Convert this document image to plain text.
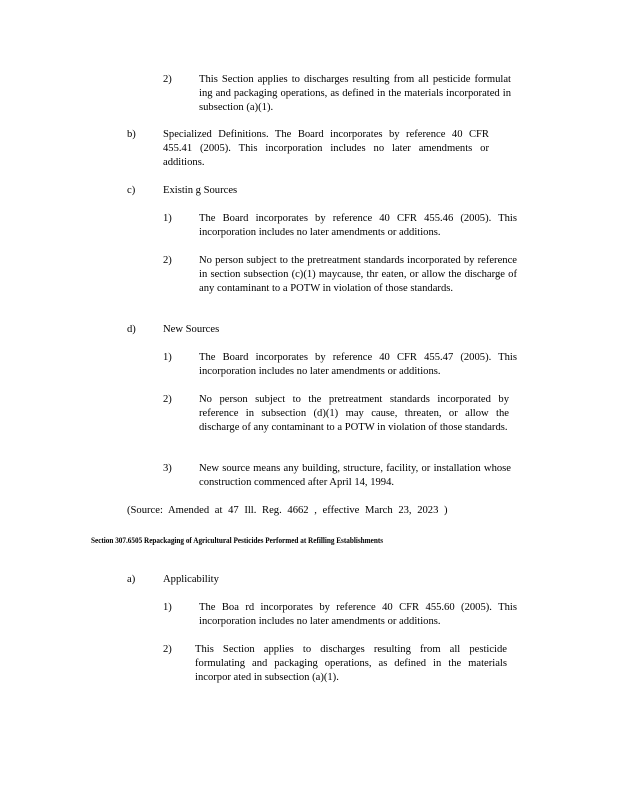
2)	This Section applies to discharges resulting from all pesticide formulat ing and packaging operations, as defined in the materials incorporated in subsection (a)(1).

b)	Specialized Definitions. The Board incorporates by reference 40 CFR 455.41 (2005). This incorporation includes no later amendments or additions.

c)	Existin g Sources

1)	The Board incorporates by reference 40 CFR 455.46 (2005). This incorporation includes no later amendments or additions.

2)	No person subject to the pretreatment standards incorporated by reference in section subsection (c)(1) maycause, thr eaten, or allow the discharge of any contaminant to a POTW in violation of those standards.

d)	New Sources

1)	The Board incorporates by reference 40 CFR 455.47 (2005). This incorporation includes no later amendments or additions.

2)	No person subject to the pretreatment standards incorporated by reference in subsection (d)(1) may cause, threaten, or allow the discharge of any contaminant to a POTW in violation of those standards.

3)	New source means any building, structure, facility, or installation whose construction commenced after April 14, 1994.

(Source: Amended at 47 Ill. Reg. 4662 , effective March 23, 2023 )

Section 307.6505 Repackaging of Agricultural Pesticides Performed at Refilling Establishments

a)	Applicability

1)	The Boa rd incorporates by reference 40 CFR 455.60 (2005). This incorporation includes no later amendments or additions.

2) This Section applies to discharges resulting from all pesticide formulating and packaging operations, as defined in the materials incorpor ated in subsection (a)(1).
